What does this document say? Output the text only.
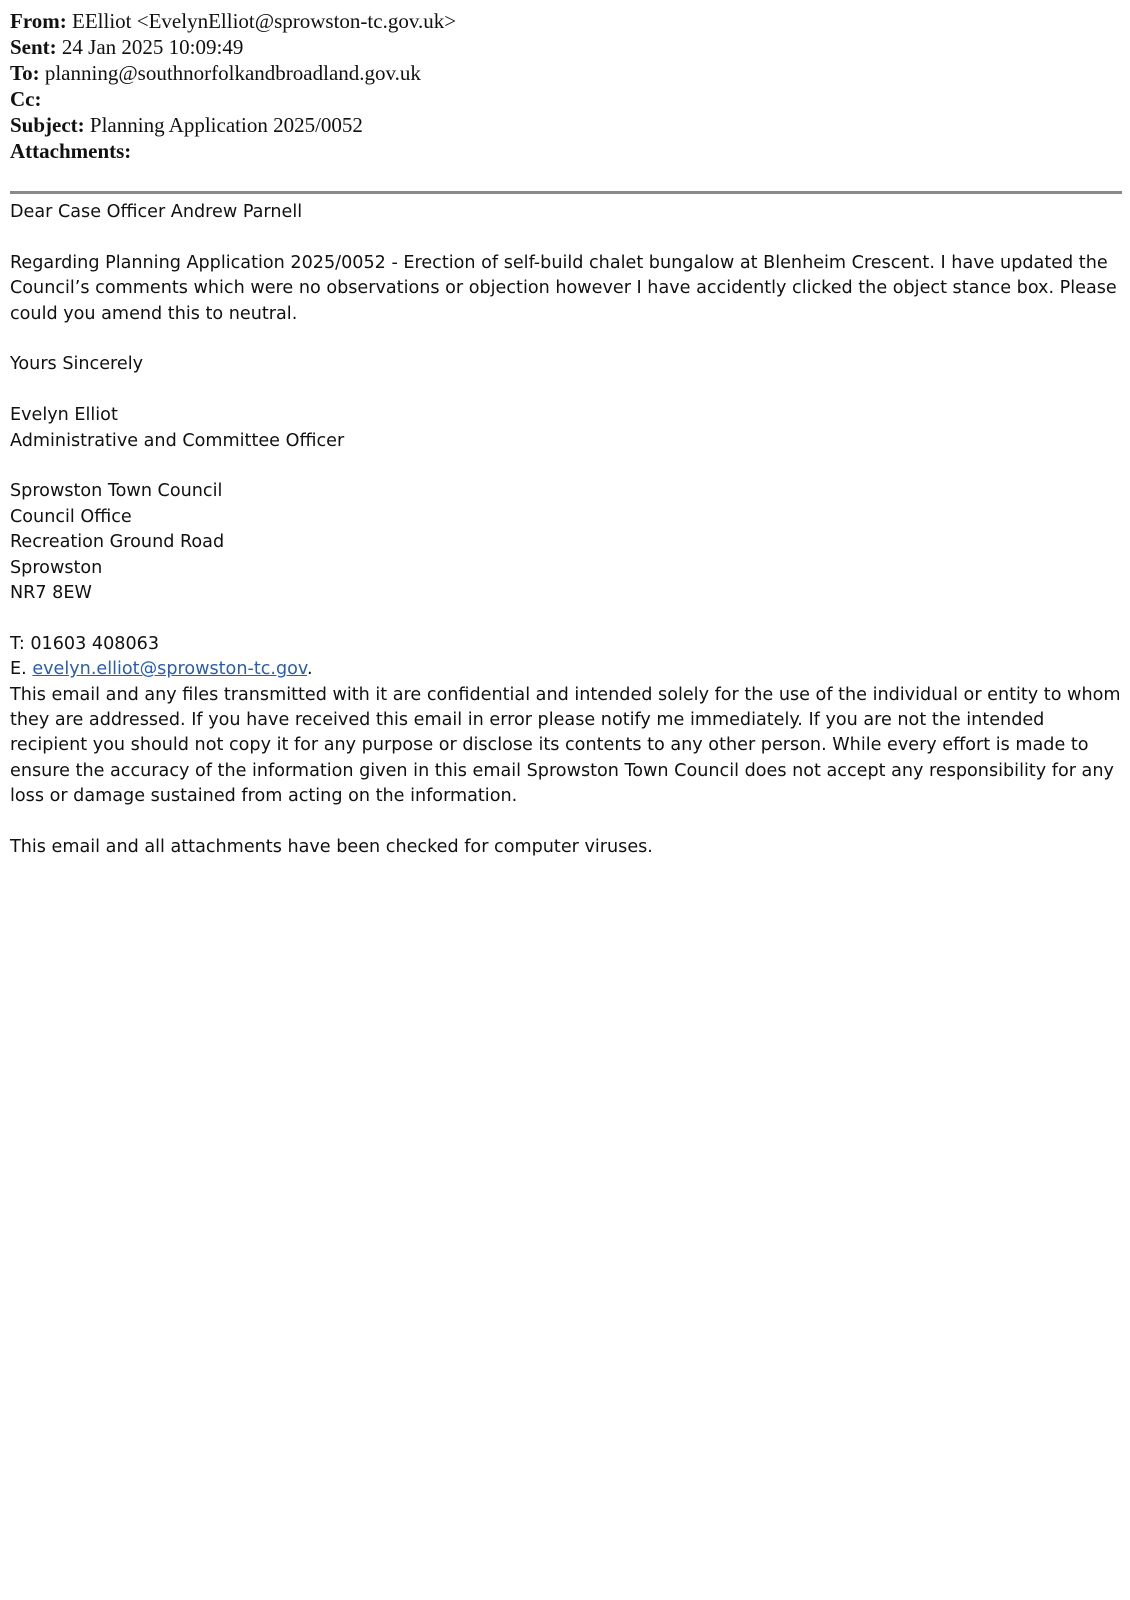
From: EElliot <EvelynElliot@sprowston-tc.gov.uk>
Sent: 24 Jan 2025 10:09:49
To: planning@southnorfolkandbroadland.gov.uk
Cc:
Subject: Planning Application 2025/0052
Attachments:

Dear Case Officer Andrew Parnell

Regarding Planning Application 2025/0052 - Erection of self-build chalet bungalow at Blenheim Crescent. I have updated the Council’s comments which were no observations or objection however I have accidently clicked the object stance box. Please could you amend this to neutral.

Yours Sincerely

Evelyn Elliot

Administrative and Committee Officer

Sprowston Town Council

Council Office

Recreation Ground Road

Sprowston

NR7 8EW

T: 01603 408063

E. evelyn.elliot@sprowston-tc.gov.

This email and any files transmitted with it are confidential and intended solely for the use of the individual or entity to whom they are addressed. If you have received this email in error please notify me immediately. If you are not the intended recipient you should not copy it for any purpose or disclose its contents to any other person. While every effort is made to ensure the accuracy of the information given in this email Sprowston Town Council does not accept any responsibility for any loss or damage sustained from acting on the information.

This email and all attachments have been checked for computer viruses.
